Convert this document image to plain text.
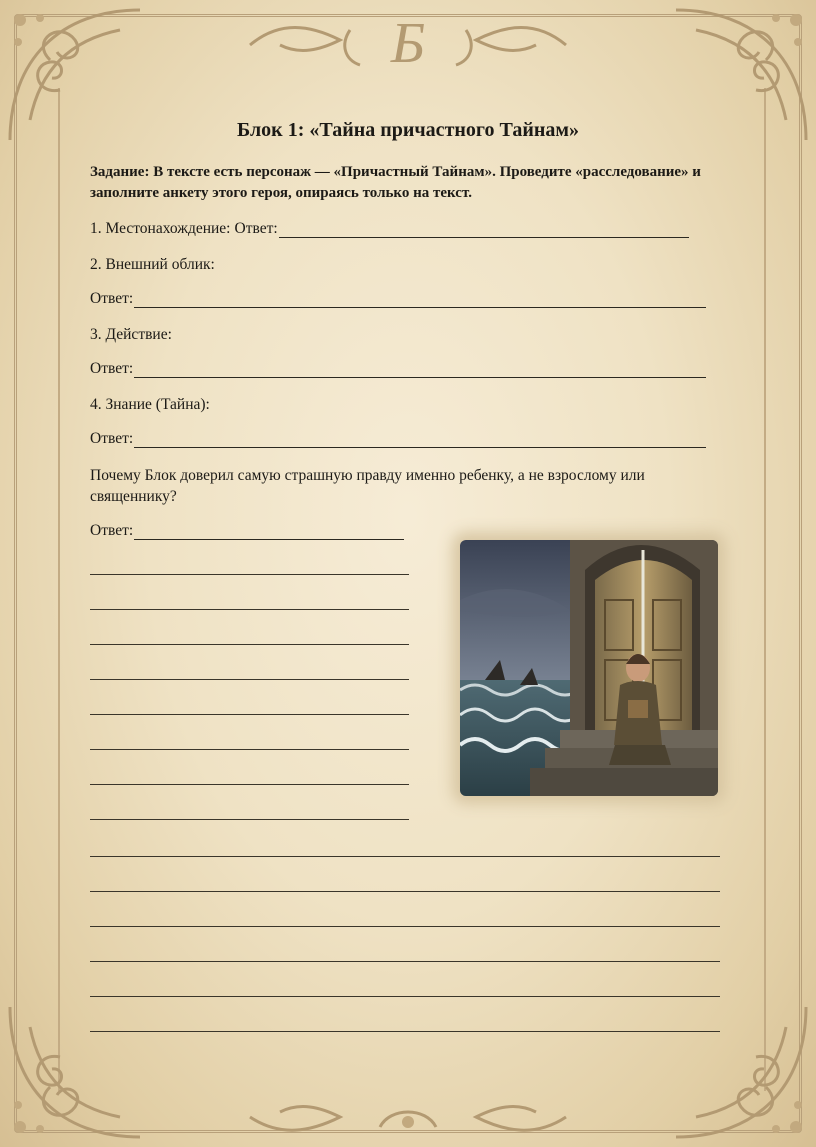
Б
Блок 1: «Тайна причастного Тайнам»
Задание: В тексте есть персонаж — «Причастный Тайнам». Проведите «расследование» и заполните анкету этого героя, опираясь только на текст.
1. Местонахождение: Ответ:
2. Внешний облик:
Ответ:
3. Действие:
Ответ:
4. Знание (Тайна):
Ответ:
Почему Блок доверил самую страшную правду именно ребенку, а не взрослому или священнику?
Ответ:
